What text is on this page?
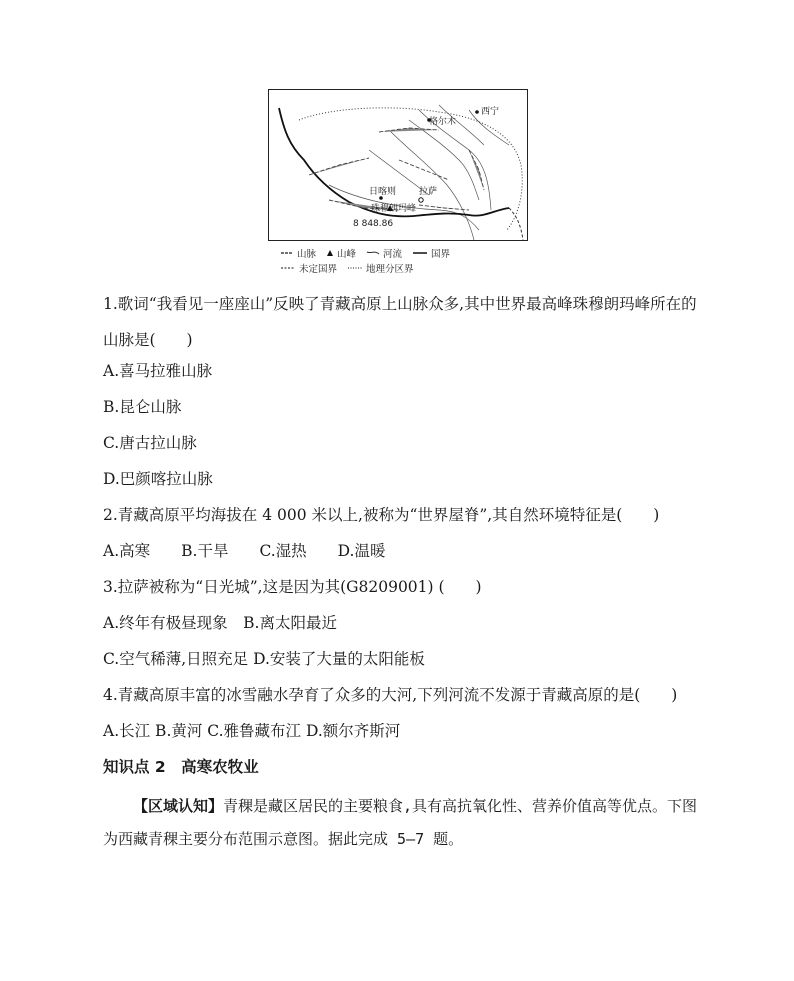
格尔木
西宁
日喀则	拉萨
珠穆朗玛峰
8 848.86
山脉 山峰	河流	国界
未定国界	地理分区界
1.歌词“我看见一座座山”反映了青藏高原上山脉众多,其中世界最高峰珠穆朗玛峰所在的山脉是(　　)
A.喜马拉雅山脉
B.昆仑山脉
C.唐古拉山脉
D.巴颜喀拉山脉
2.青藏高原平均海拔在 4 000 米以上,被称为“世界屋脊”,其自然环境特征是(　　)
A.高寒　　B.干旱　　C.湿热　　D.温暖
3.拉萨被称为“日光城”,这是因为其(G8209001) (　　)
A.终年有极昼现象　B.离太阳最近
C.空气稀薄,日照充足 D.安装了大量的太阳能板
4.青藏高原丰富的冰雪融水孕育了众多的大河,下列河流不发源于青藏高原的是(　　)
A.长江 B.黄河 C.雅鲁藏布江 D.额尔齐斯河
知识点 2　高寒农牧业
【区域认知】青稞是藏区居民的主要粮食,具有高抗氧化性、营养价值高等优点。下图为西藏青稞主要分布范围示意图。据此完成 5—7 题。
